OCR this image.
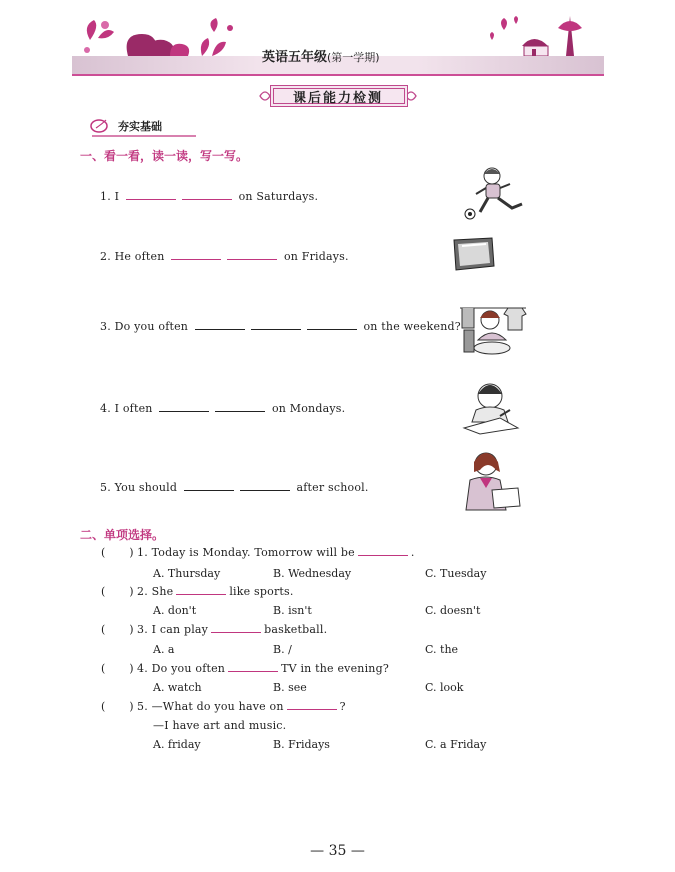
英语五年级(第一学期)
课后能力检测
夯实基础
一、看一看，读一读，写一写。
1. I	on Saturdays.
2. He often	on Fridays.
3. Do you often	on the weekend?
4. I often	on Mondays.
5. You should	after school.
二、单项选择。
( ) 1. Today is Monday. Tomorrow will be	.
A. Thursday	B. Wednesday	C. Tuesday
( ) 2. She	like sports.
A. don't	B. isn't	C. doesn't
( ) 3. I can play	basketball.
A. a	B. /	C. the
( ) 4. Do you often	TV in the evening?
A. watch	B. see	C. look
( ) 5. —What do you have on	?
—I have art and music.
A. friday	B. Fridays	C. a Friday
— 35 —
